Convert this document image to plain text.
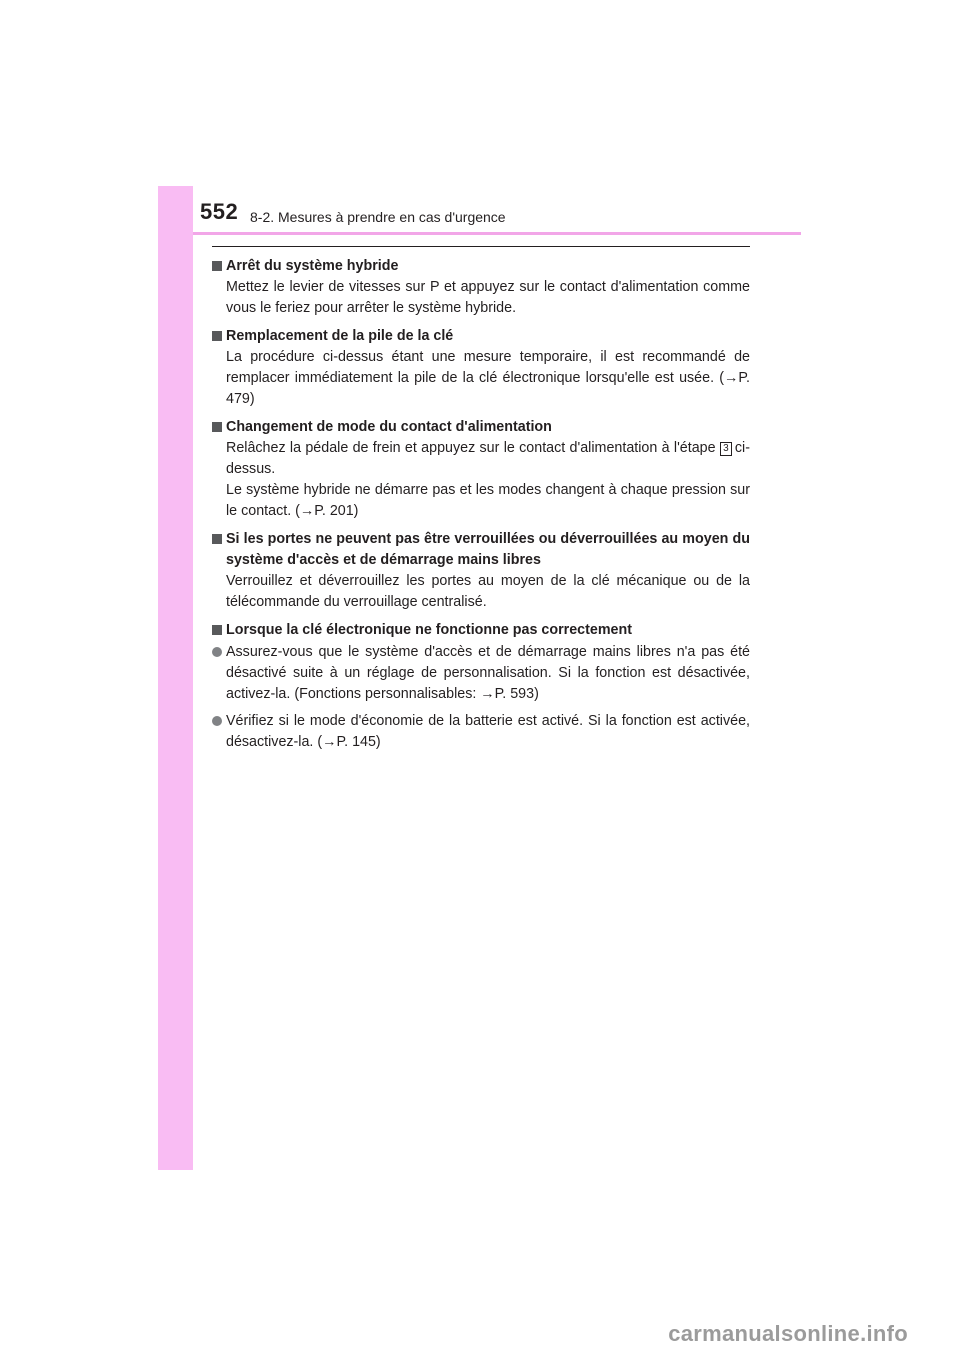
552 8-2. Mesures à prendre en cas d'urgence
Arrêt du système hybride
Mettez le levier de vitesses sur P et appuyez sur le contact d'alimentation comme vous le feriez pour arrêter le système hybride.
Remplacement de la pile de la clé
La procédure ci-dessus étant une mesure temporaire, il est recommandé de remplacer immédiatement la pile de la clé électronique lorsqu'elle est usée. (→P. 479)
Changement de mode du contact d'alimentation

Relâchez la pédale de frein et appuyez sur le contact d'alimentation à l'étape 3 ci-dessus.

Le système hybride ne démarre pas et les modes changent à chaque pression sur le contact. (→P. 201)

Si les portes ne peuvent pas être verrouillées ou déverrouillées au moyen du système d'accès et de démarrage mains libres
Verrouillez et déverrouillez les portes au moyen de la clé mécanique ou de la télécommande du verrouillage centralisé.
Lorsque la clé électronique ne fonctionne pas correctement
Assurez-vous que le système d'accès et de démarrage mains libres n'a pas été désactivé suite à un réglage de personnalisation. Si la fonction est désactivée, activez-la. (Fonctions personnalisables: →P. 593)
Vérifiez si le mode d'économie de la batterie est activé. Si la fonction est activée, désactivez-la. (→P. 145)
carmanualsonline.info
